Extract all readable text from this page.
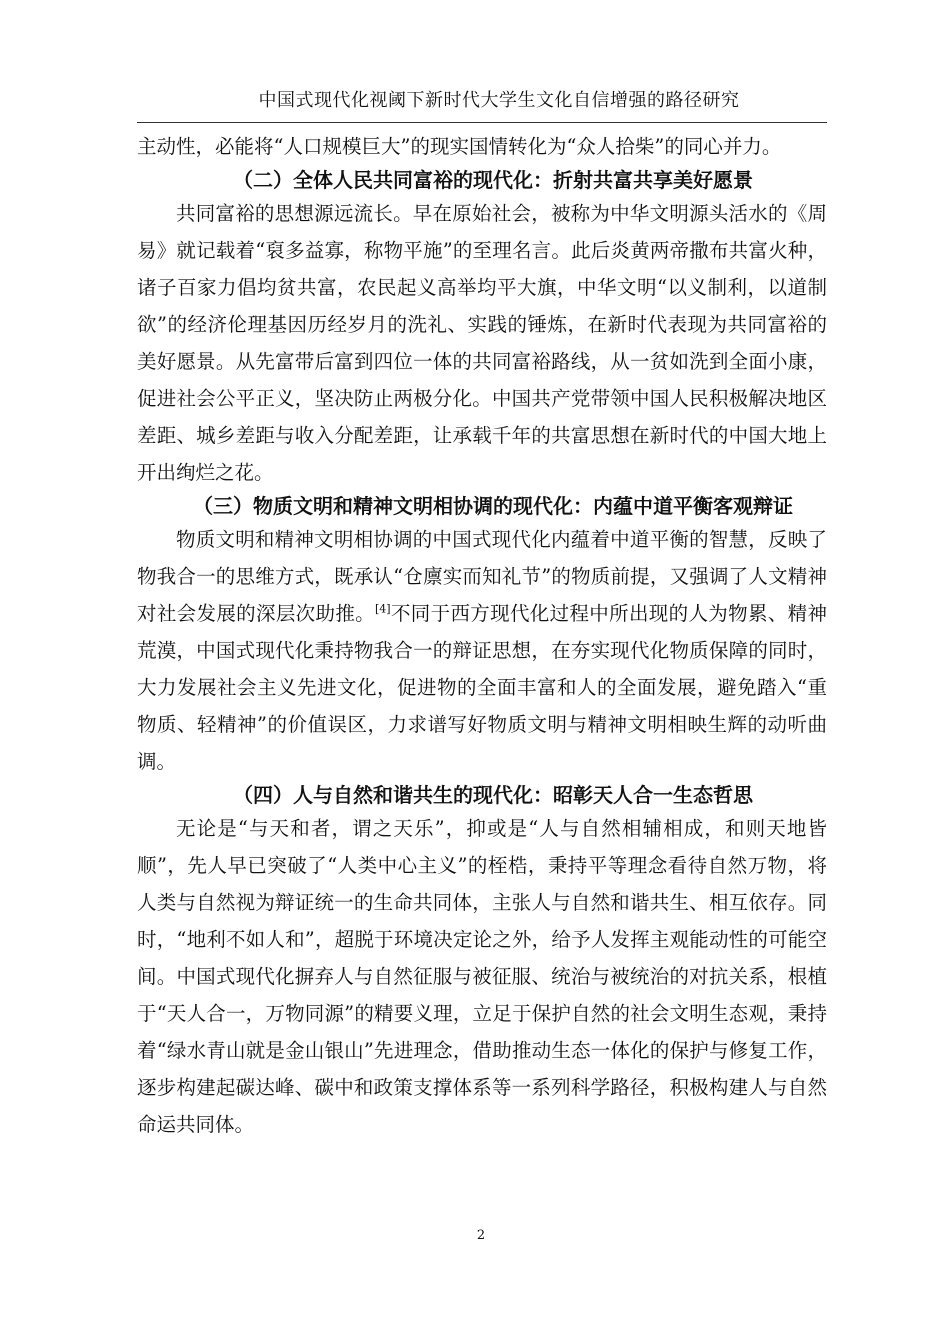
中国式现代化视阈下新时代大学生文化自信增强的路径研究

主动性，必能将“人口规模巨大”的现实国情转化为“众人拾柴”的同心并力。

（二）全体人民共同富裕的现代化：折射共富共享美好愿景

共同富裕的思想源远流长。早在原始社会，被称为中华文明源头活水的《周易》就记载着“裒多益寡，称物平施”的至理名言。此后炎黄两帝撒布共富火种，诸子百家力倡均贫共富，农民起义高举均平大旗，中华文明“以义制利，以道制欲”的经济伦理基因历经岁月的洗礼、实践的锤炼，在新时代表现为共同富裕的美好愿景。从先富带后富到四位一体的共同富裕路线，从一贫如洗到全面小康，促进社会公平正义，坚决防止两极分化。中国共产党带领中国人民积极解决地区差距、城乡差距与收入分配差距，让承载千年的共富思想在新时代的中国大地上开出绚烂之花。

（三）物质文明和精神文明相协调的现代化：内蕴中道平衡客观辩证

物质文明和精神文明相协调的中国式现代化内蕴着中道平衡的智慧，反映了物我合一的思维方式，既承认“仓廪实而知礼节”的物质前提，又强调了人文精神对社会发展的深层次助推。[4]不同于西方现代化过程中所出现的人为物累、精神荒漠，中国式现代化秉持物我合一的辩证思想，在夯实现代化物质保障的同时，大力发展社会主义先进文化，促进物的全面丰富和人的全面发展，避免踏入“重物质、轻精神”的价值误区，力求谱写好物质文明与精神文明相映生辉的动听曲调。

（四）人与自然和谐共生的现代化：昭彰天人合一生态哲思

无论是“与天和者，谓之天乐”，抑或是“人与自然相辅相成，和则天地皆顺”，先人早已突破了“人类中心主义”的桎梏，秉持平等理念看待自然万物，将人类与自然视为辩证统一的生命共同体，主张人与自然和谐共生、相互依存。同时，“地利不如人和”，超脱于环境决定论之外，给予人发挥主观能动性的可能空间。中国式现代化摒弃人与自然征服与被征服、统治与被统治的对抗关系，根植于“天人合一，万物同源”的精要义理，立足于保护自然的社会文明生态观，秉持着“绿水青山就是金山银山”先进理念，借助推动生态一体化的保护与修复工作，逐步构建起碳达峰、碳中和政策支撑体系等一系列科学路径，积极构建人与自然命运共同体。

2
